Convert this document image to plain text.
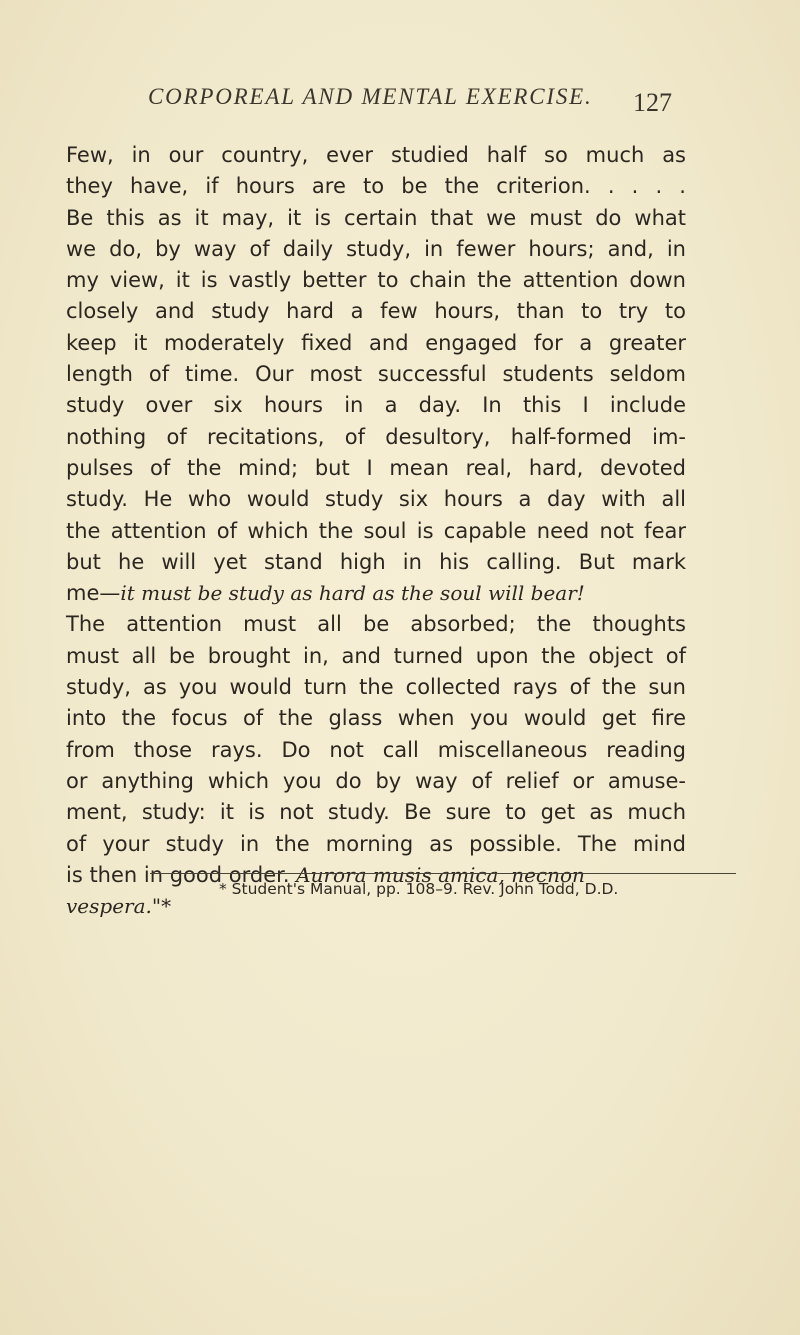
CORPOREAL AND MENTAL EXERCISE. 127
Few, in our country, ever studied half so much as
they have, if hours are to be the criterion. . . . .
Be this as it may, it is certain that we must do what
we do, by way of daily study, in fewer hours; and, in
my view, it is vastly better to chain the attention down
closely and study hard a few hours, than to try to
keep it moderately fixed and engaged for a greater
length of time. Our most successful students seldom
study over six hours in a day. In this I include
nothing of recitations, of desultory, half-formed im-
pulses of the mind; but I mean real, hard, devoted
study. He who would study six hours a day with all
the attention of which the soul is capable need not fear
but he will yet stand high in his calling. But mark
me—it must be study as hard as the soul will bear!
The attention must all be absorbed; the thoughts
must all be brought in, and turned upon the object of
study, as you would turn the collected rays of the sun
into the focus of the glass when you would get fire
from those rays. Do not call miscellaneous reading
or anything which you do by way of relief or amuse-
ment, study: it is not study. Be sure to get as much
of your study in the morning as possible. The mind
is then in good order. Aurora musis amica, necnon
vespera."*
* Student's Manual, pp. 108–9. Rev. John Todd, D.D.
